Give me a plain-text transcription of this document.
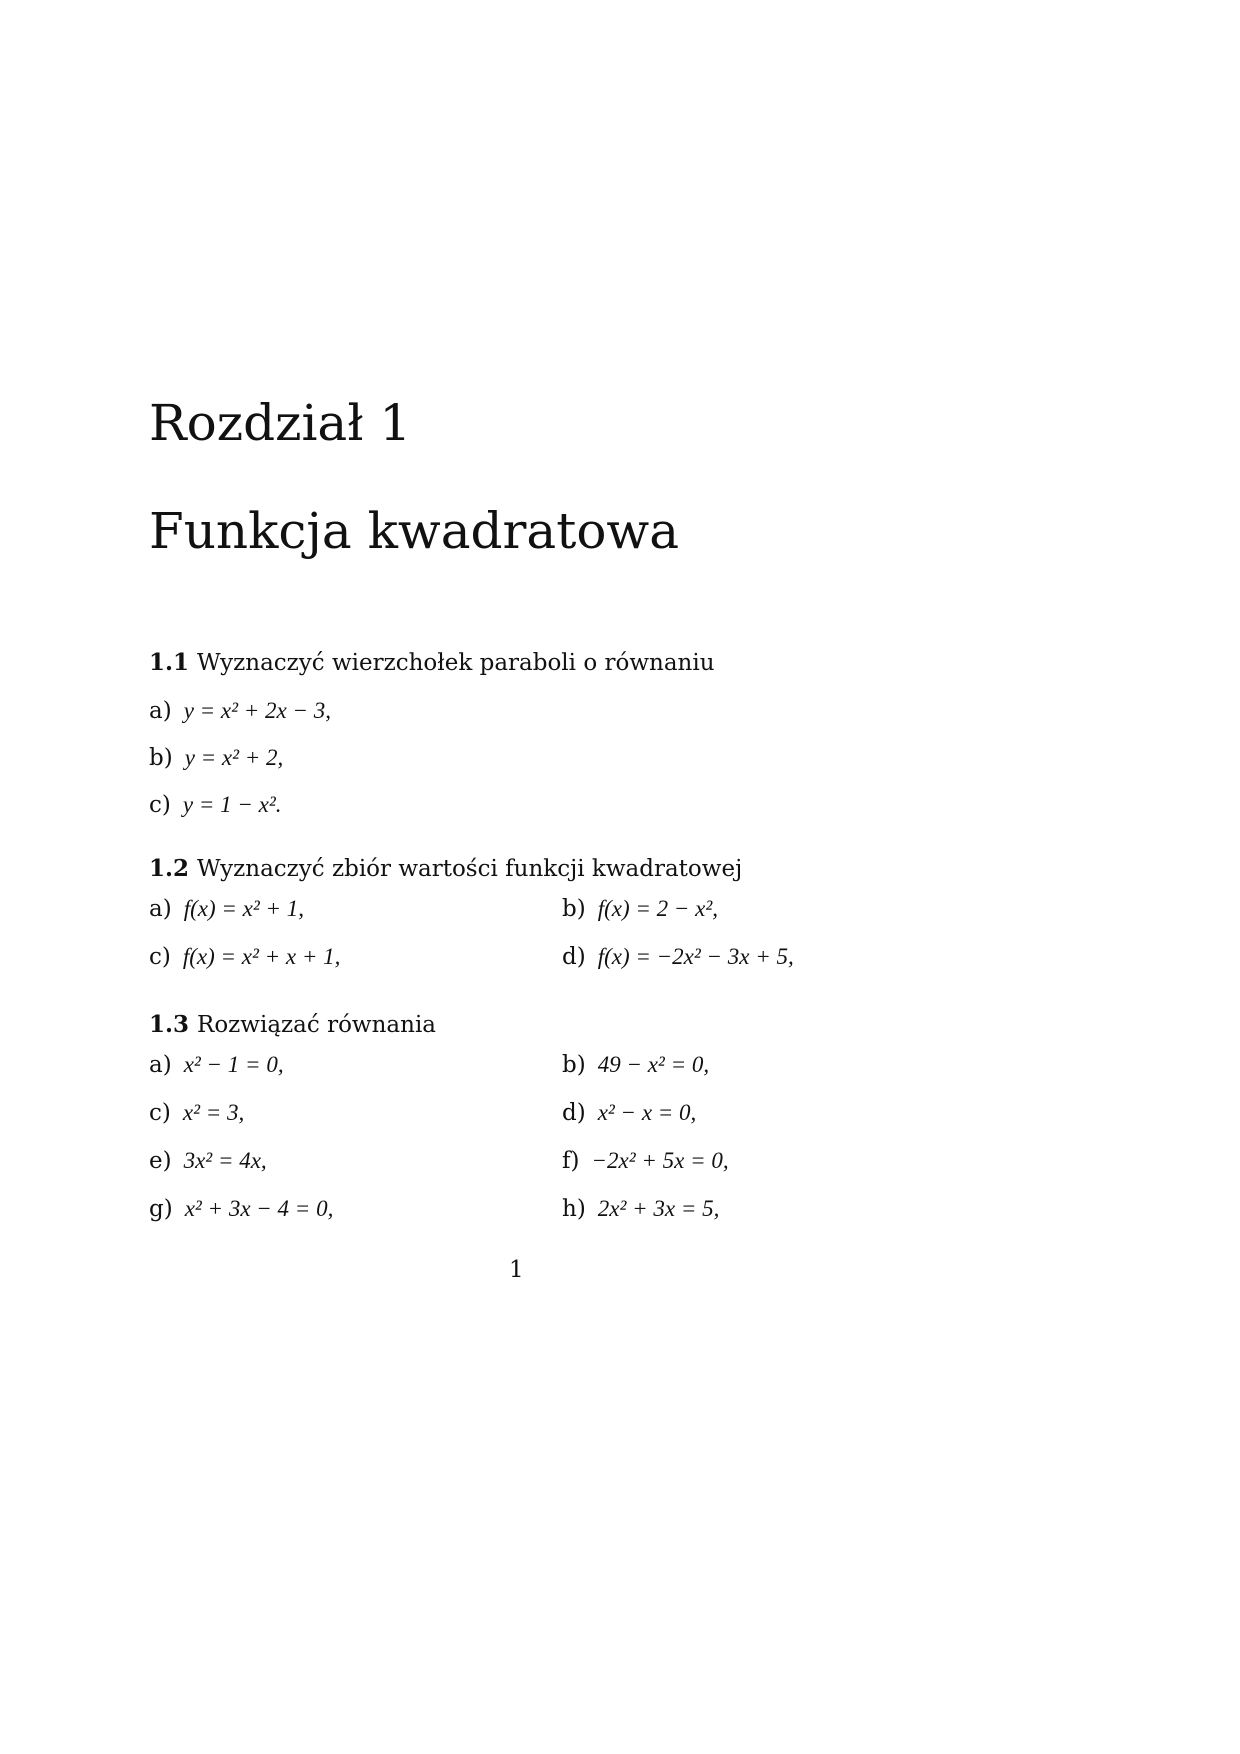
Rozdział 1
Funkcja kwadratowa
1.1 Wyznaczyć wierzchołek paraboli o równaniu
a) y = x² + 2x − 3,
b) y = x² + 2,
c) y = 1 − x².
1.2 Wyznaczyć zbiór wartości funkcji kwadratowej
a) f(x) = x² + 1,	b) f(x) = 2 − x²,
c) f(x) = x² + x + 1,	d) f(x) = −2x² − 3x + 5,
1.3 Rozwiązać równania
a) x² − 1 = 0,	b) 49 − x² = 0,
c) x² = 3,	d) x² − x = 0,
e) 3x² = 4x,	f) −2x² + 5x = 0,
g) x² + 3x − 4 = 0,	h) 2x² + 3x = 5,
1
